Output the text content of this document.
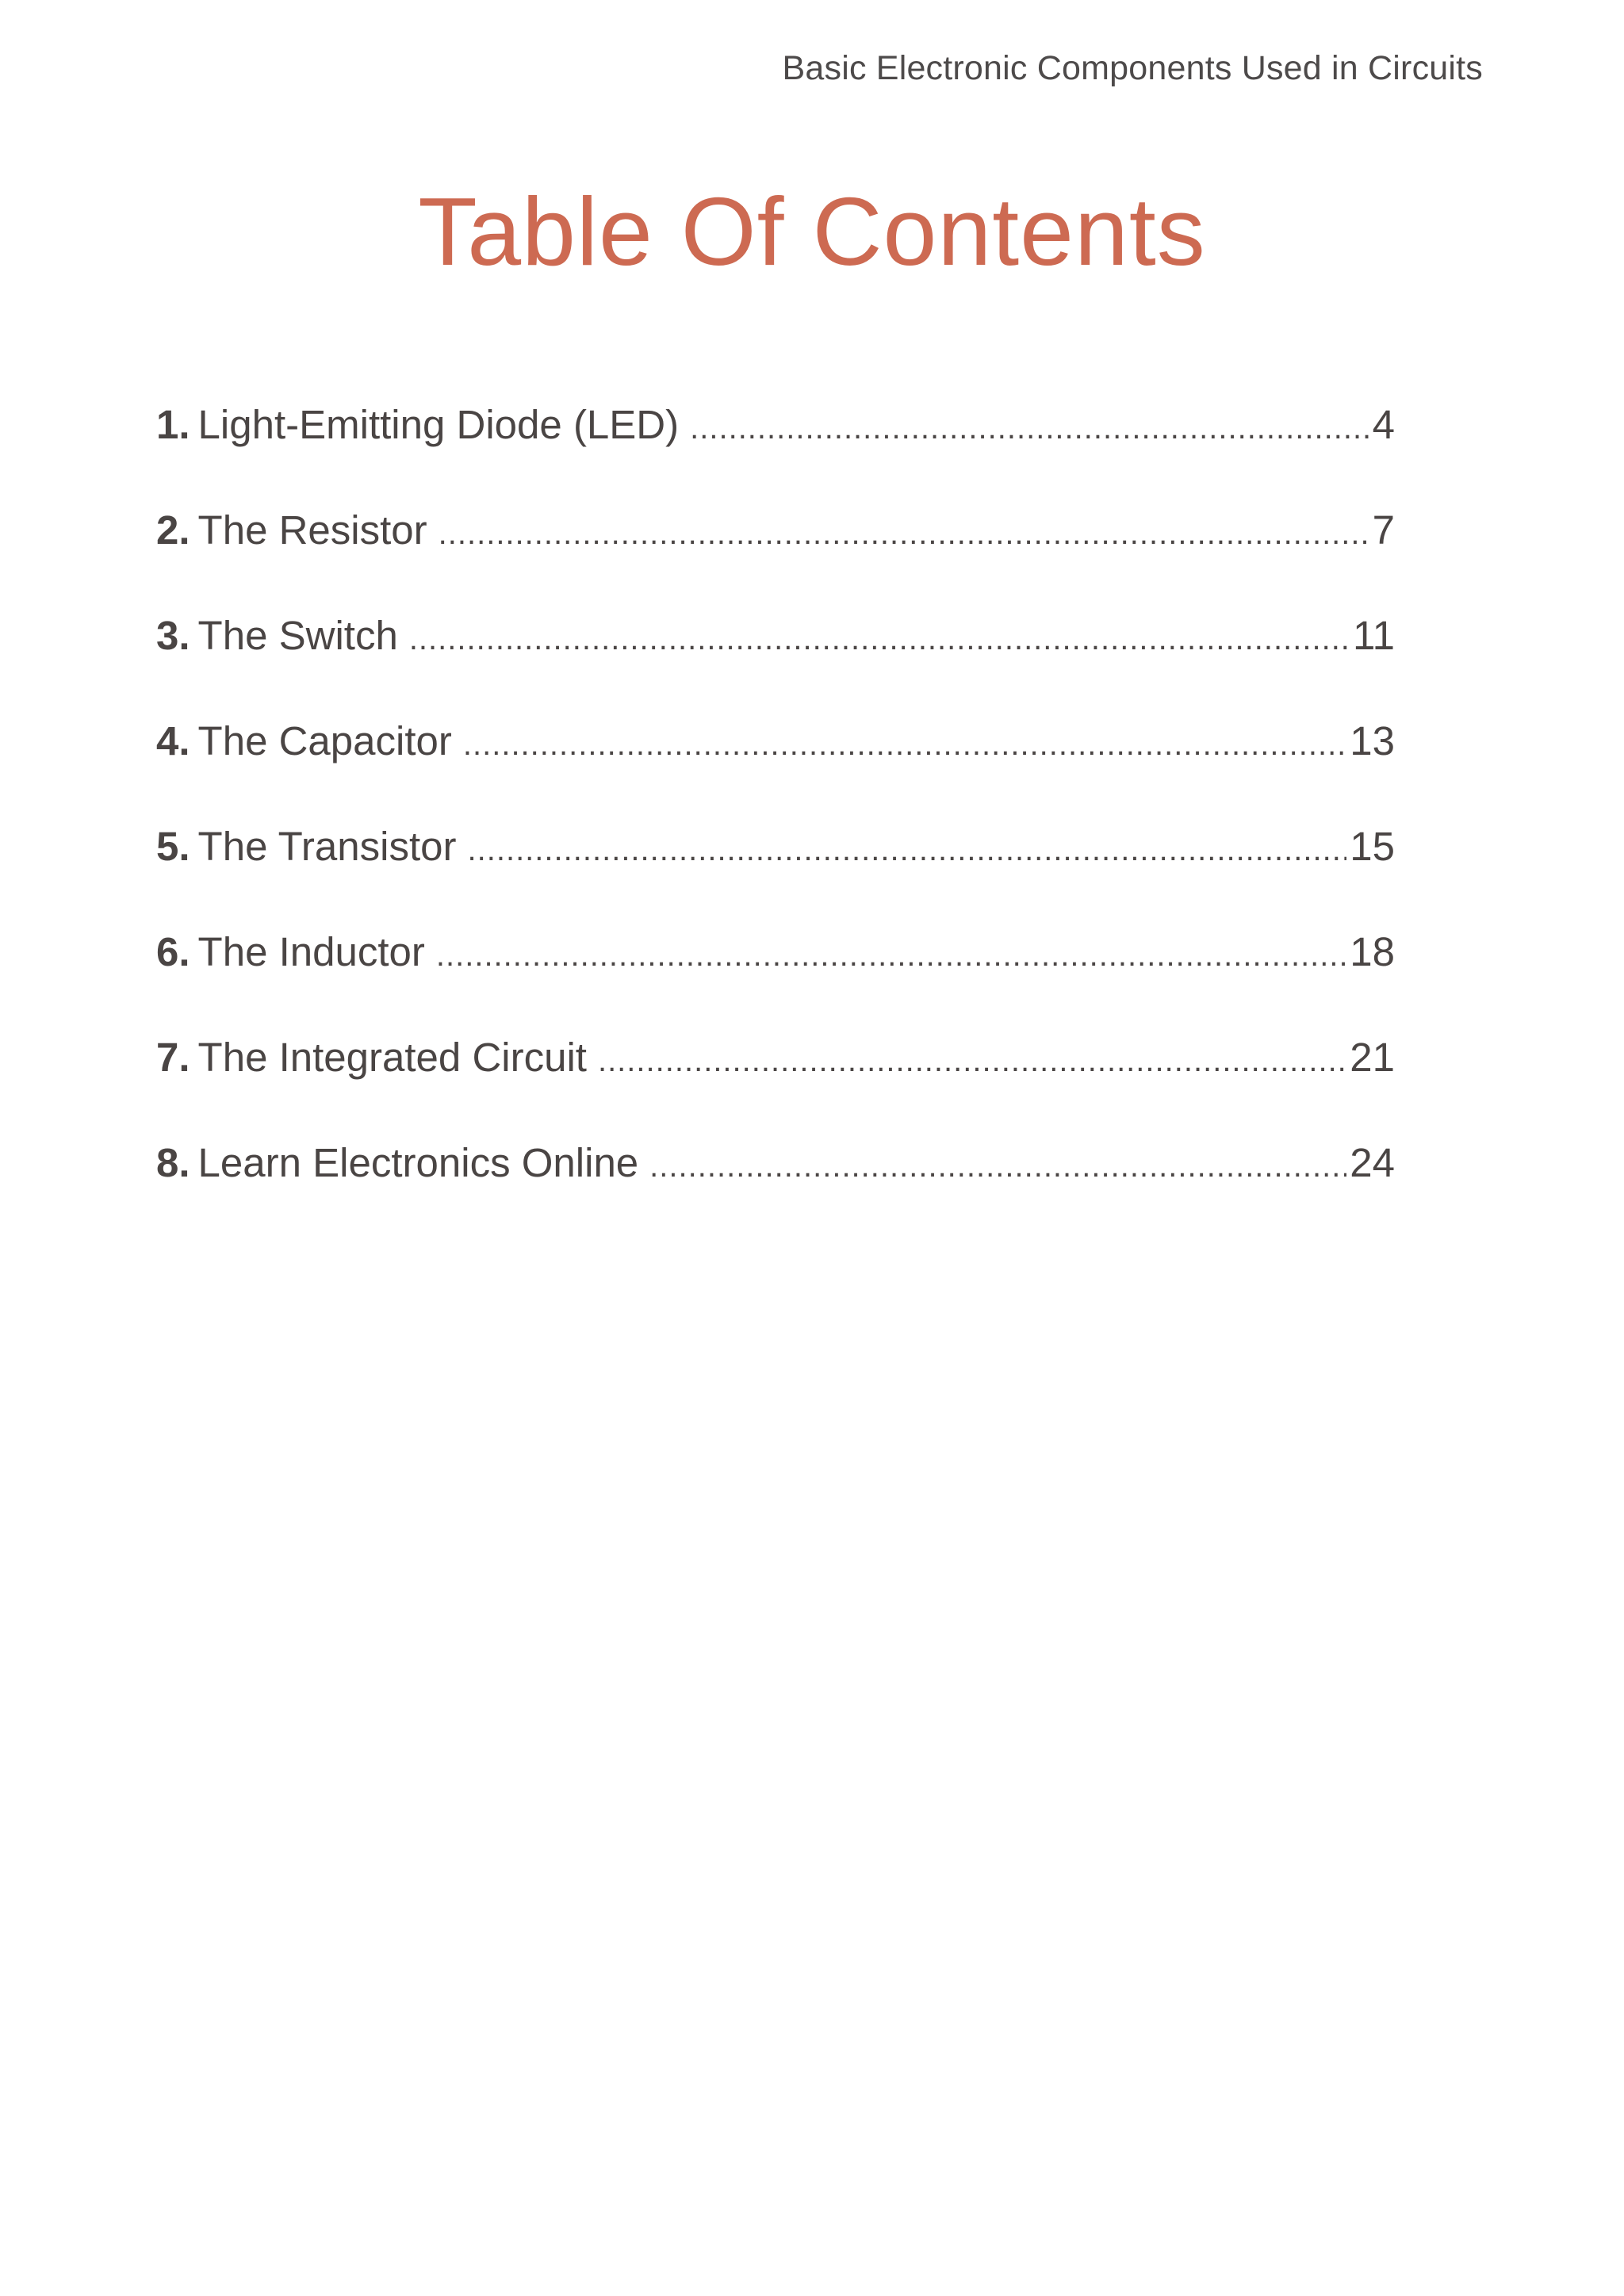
Basic Electronic Components Used in Circuits
Table Of Contents
1. Light-Emitting Diode (LED) .....	4
2. The Resistor .....	7
3. The Switch .....	11
4. The Capacitor .....	13
5. The Transistor .....	15
6. The Inductor .....	18
7. The Integrated Circuit .....	21
8. Learn Electronics Online .....	24
